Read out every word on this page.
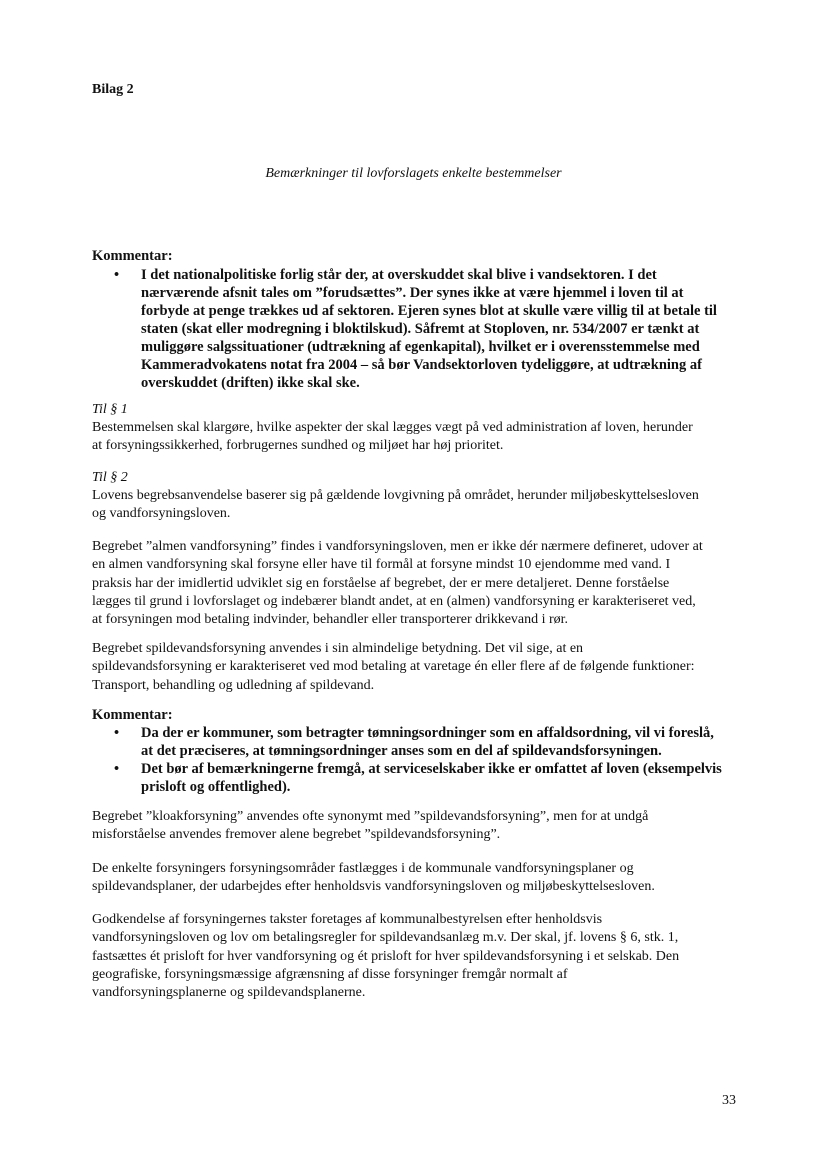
Bilag 2
Bemærkninger til lovforslagets enkelte bestemmelser
Kommentar:
• I det nationalpolitiske forlig står der, at overskuddet skal blive i vandsektoren. I det
nærværende afsnit tales om ”forudsættes”. Der synes ikke at være hjemmel i loven til at
forbyde at penge trækkes ud af sektoren. Ejeren synes blot at skulle være villig til at betale til
staten (skat eller modregning i bloktilskud). Såfremt at Stoploven, nr. 534/2007 er tænkt at
muliggøre salgssituationer (udtrækning af egenkapital), hvilket er i overensstemmelse med
Kammeradvokatens notat fra 2004 – så bør Vandsektorloven tydeliggøre, at udtrækning af
overskuddet (driften) ikke skal ske.
Til § 1
Bestemmelsen skal klargøre, hvilke aspekter der skal lægges vægt på ved administration af loven, herunder
at forsyningssikkerhed, forbrugernes sundhed og miljøet har høj prioritet.
Til § 2
Lovens begrebsanvendelse baserer sig på gældende lovgivning på området, herunder miljøbeskyttelsesloven
og vandforsyningsloven.
Begrebet ”almen vandforsyning” findes i vandforsyningsloven, men er ikke dér nærmere defineret, udover at
en almen vandforsyning skal forsyne eller have til formål at forsyne mindst 10 ejendomme med vand. I
praksis har der imidlertid udviklet sig en forståelse af begrebet, der er mere detaljeret. Denne forståelse
lægges til grund i lovforslaget og indebærer blandt andet, at en (almen) vandforsyning er karakteriseret ved,
at forsyningen mod betaling indvinder, behandler eller transporterer drikkevand i rør.
Begrebet spildevandsforsyning anvendes i sin almindelige betydning. Det vil sige, at en
spildevandsforsyning er karakteriseret ved mod betaling at varetage én eller flere af de følgende funktioner:
Transport, behandling og udledning af spildevand.
Kommentar:
• Da der er kommuner, som betragter tømningsordninger som en affaldsordning, vil vi foreslå,
at det præciseres, at tømningsordninger anses som en del af spildevandsforsyningen.
• Det bør af bemærkningerne fremgå, at serviceselskaber ikke er omfattet af loven (eksempelvis
prisloft og offentlighed).
Begrebet ”kloakforsyning” anvendes ofte synonymt med ”spildevandsforsyning”, men for at undgå
misforståelse anvendes fremover alene begrebet ”spildevandsforsyning”.
De enkelte forsyningers forsyningsområder fastlægges i de kommunale vandforsyningsplaner og
spildevandsplaner, der udarbejdes efter henholdsvis vandforsyningsloven og miljøbeskyttelsesloven.
Godkendelse af forsyningernes takster foretages af kommunalbestyrelsen efter henholdsvis
vandforsyningsloven og lov om betalingsregler for spildevandsanlæg m.v. Der skal, jf. lovens § 6, stk. 1,
fastsættes ét prisloft for hver vandforsyning og ét prisloft for hver spildevandsforsyning i et selskab. Den
geografiske, forsyningsmæssige afgrænsning af disse forsyninger fremgår normalt af
vandforsyningsplanerne og spildevandsplanerne.
33
